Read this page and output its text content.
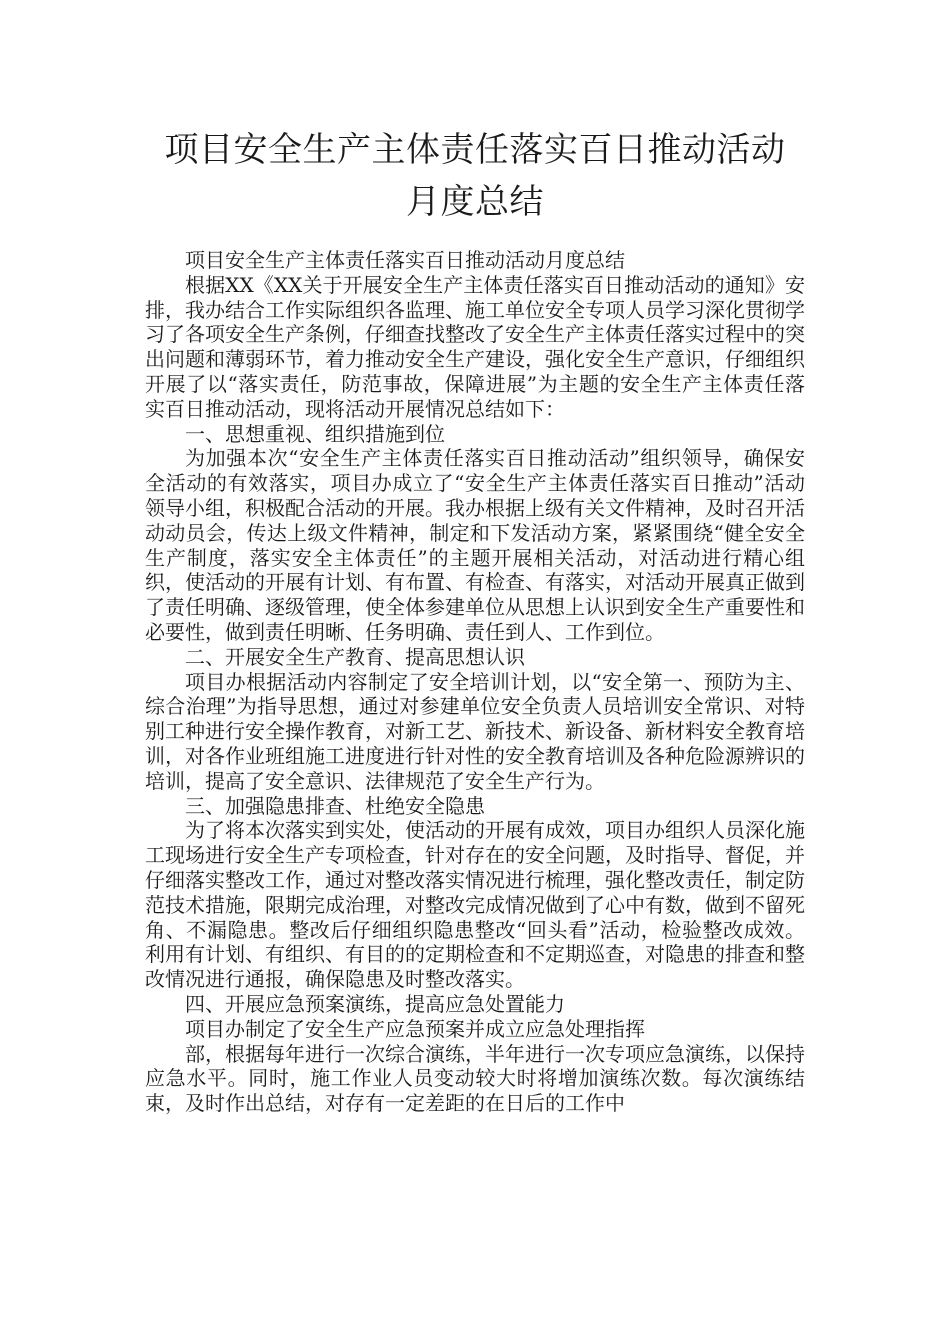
项目安全生产主体责任落实百日推动活动
月度总结

项目安全生产主体责任落实百日推动活动月度总结

根据XX《XX关于开展安全生产主体责任落实百日推动活动的通知》安排，我办结合工作实际组织各监理、施工单位安全专项人员学习深化贯彻学习了各项安全生产条例，仔细查找整改了安全生产主体责任落实过程中的突出问题和薄弱环节，着力推动安全生产建设，强化安全生产意识，仔细组织开展了以“落实责任，防范事故，保障进展”为主题的安全生产主体责任落实百日推动活动，现将活动开展情况总结如下：

一、思想重视、组织措施到位

为加强本次“安全生产主体责任落实百日推动活动”组织领导，确保安全活动的有效落实，项目办成立了“安全生产主体责任落实百日推动”活动领导小组，积极配合活动的开展。我办根据上级有关文件精神，及时召开活动动员会，传达上级文件精神，制定和下发活动方案，紧紧围绕“健全安全生产制度，落实安全主体责任”的主题开展相关活动，对活动进行精心组织，使活动的开展有计划、有布置、有检查、有落实，对活动开展真正做到了责任明确、逐级管理，使全体参建单位从思想上认识到安全生产重要性和必要性，做到责任明晰、任务明确、责任到人、工作到位。

二、开展安全生产教育、提高思想认识

项目办根据活动内容制定了安全培训计划，以“安全第一、预防为主、综合治理”为指导思想，通过对参建单位安全负责人员培训安全常识、对特别工种进行安全操作教育，对新工艺、新技术、新设备、新材料安全教育培训，对各作业班组施工进度进行针对性的安全教育培训及各种危险源辨识的培训，提高了安全意识、法律规范了安全生产行为。

三、加强隐患排查、杜绝安全隐患

为了将本次落实到实处，使活动的开展有成效，项目办组织人员深化施工现场进行安全生产专项检查，针对存在的安全问题，及时指导、督促，并仔细落实整改工作，通过对整改落实情况进行梳理，强化整改责任，制定防范技术措施，限期完成治理，对整改完成情况做到了心中有数，做到不留死角、不漏隐患。整改后仔细组织隐患整改“回头看”活动，检验整改成效。利用有计划、有组织、有目的的定期检查和不定期巡查，对隐患的排查和整改情况进行通报，确保隐患及时整改落实。

四、开展应急预案演练，提高应急处置能力

项目办制定了安全生产应急预案并成立应急处理指挥

部，根据每年进行一次综合演练，半年进行一次专项应急演练，以保持应急水平。同时，施工作业人员变动较大时将增加演练次数。每次演练结束，及时作出总结，对存有一定差距的在日后的工作中
